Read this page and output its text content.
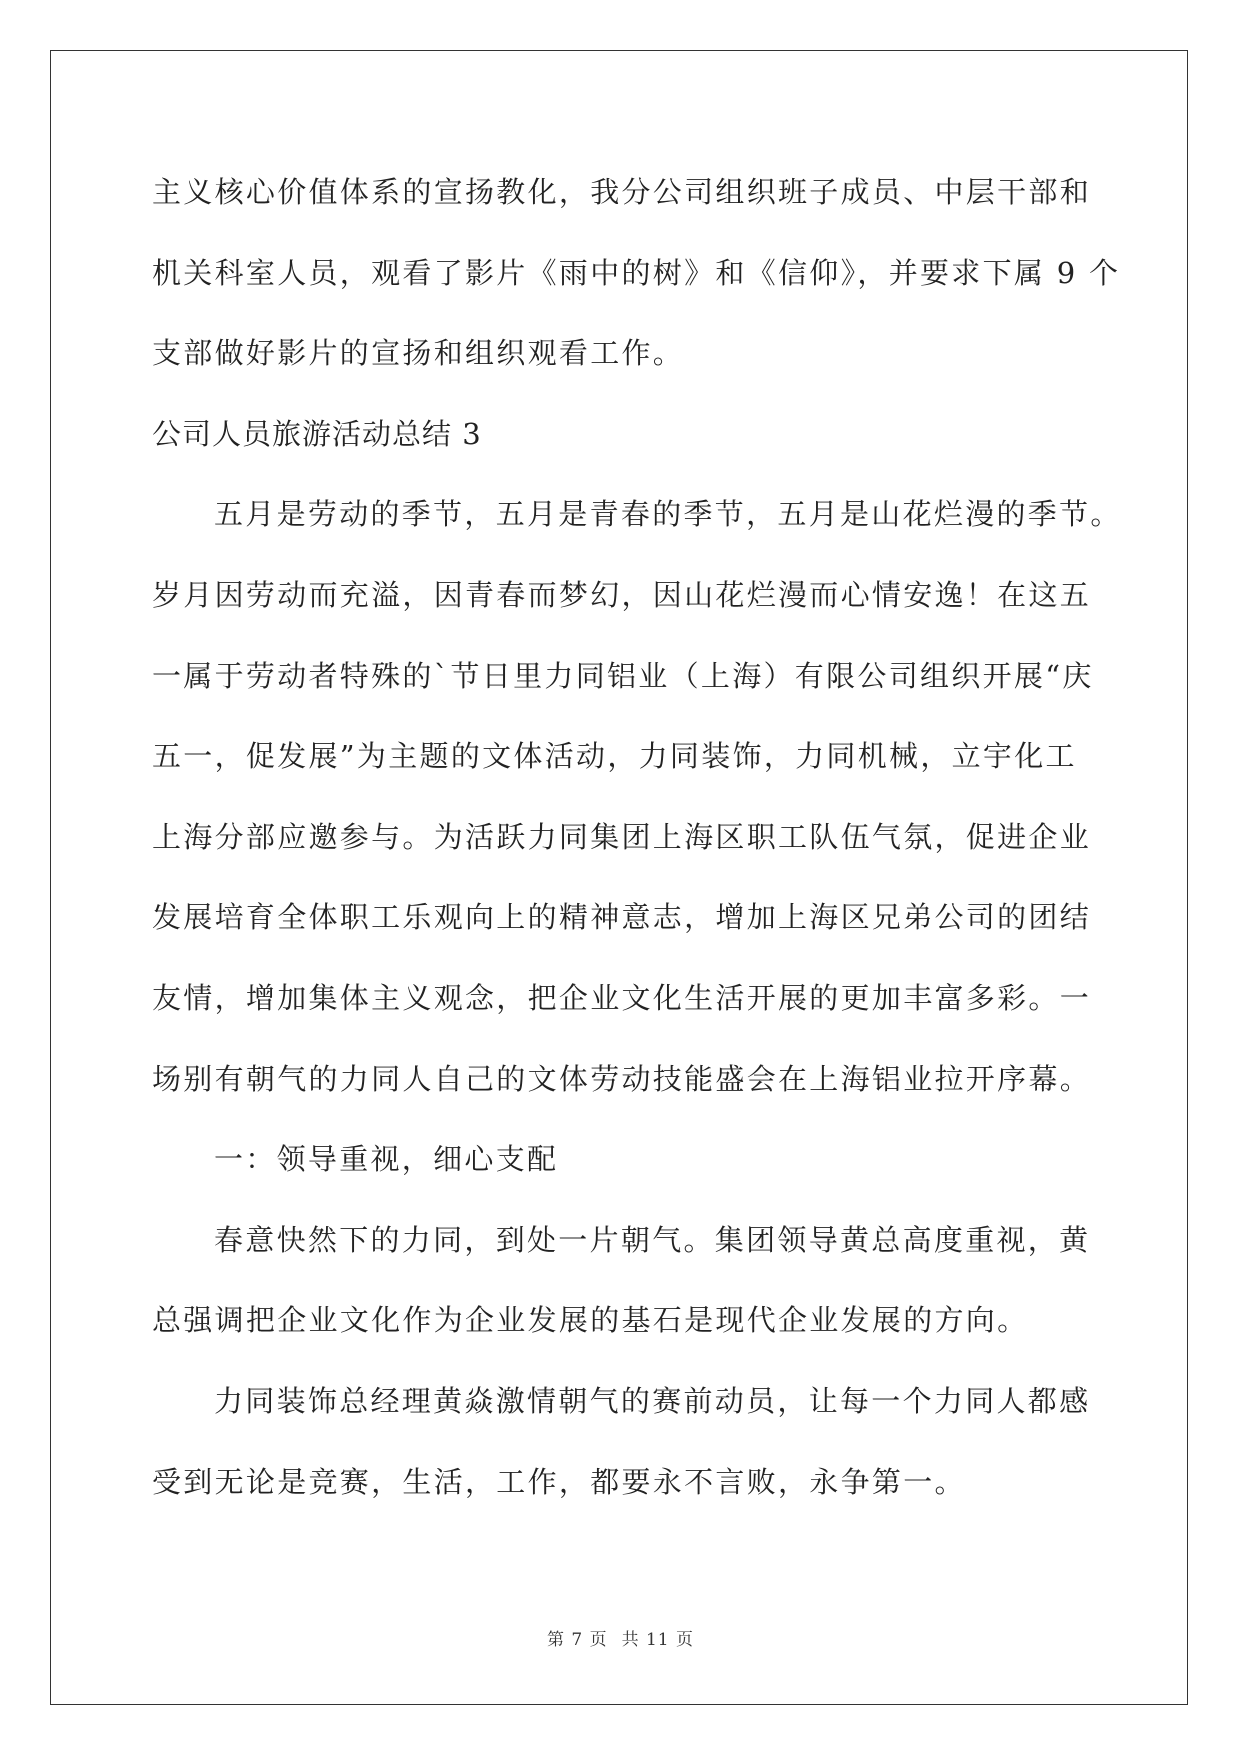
主义核心价值体系的宣扬教化，我分公司组织班子成员、中层干部和
机关科室人员，观看了影片《雨中的树》和《信仰》，并要求下属 9 个
支部做好影片的宣扬和组织观看工作。
公司人员旅游活动总结 3
五月是劳动的季节，五月是青春的季节，五月是山花烂漫的季节。
岁月因劳动而充溢，因青春而梦幻，因山花烂漫而心情安逸！在这五
一属于劳动者特殊的`节日里力同铝业（上海）有限公司组织开展“庆
五一，促发展”为主题的文体活动，力同装饰，力同机械，立宇化工
上海分部应邀参与。为活跃力同集团上海区职工队伍气氛，促进企业
发展培育全体职工乐观向上的精神意志，增加上海区兄弟公司的团结
友情，增加集体主义观念，把企业文化生活开展的更加丰富多彩。一
场别有朝气的力同人自己的文体劳动技能盛会在上海铝业拉开序幕。
一：领导重视，细心支配
春意快然下的力同，到处一片朝气。集团领导黄总高度重视，黄
总强调把企业文化作为企业发展的基石是现代企业发展的方向。
力同装饰总经理黄焱激情朝气的赛前动员，让每一个力同人都感
受到无论是竞赛，生活，工作，都要永不言败，永争第一。
第 7 页 共 11 页
